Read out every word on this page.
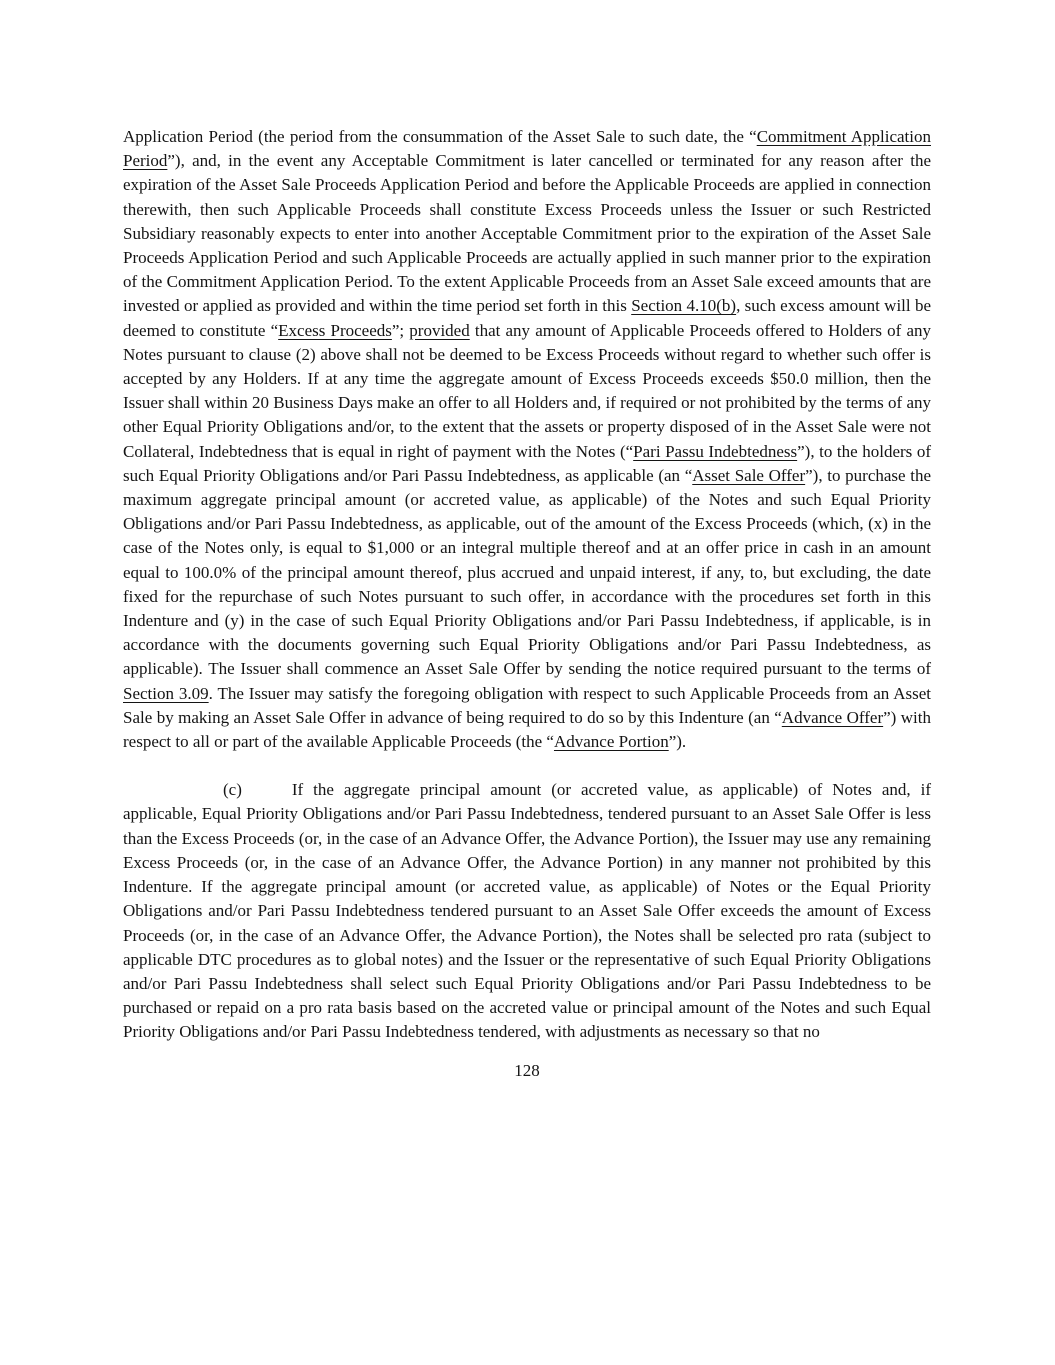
Application Period (the period from the consummation of the Asset Sale to such date, the “Commitment Application Period”), and, in the event any Acceptable Commitment is later cancelled or terminated for any reason after the expiration of the Asset Sale Proceeds Application Period and before the Applicable Proceeds are applied in connection therewith, then such Applicable Proceeds shall constitute Excess Proceeds unless the Issuer or such Restricted Subsidiary reasonably expects to enter into another Acceptable Commitment prior to the expiration of the Asset Sale Proceeds Application Period and such Applicable Proceeds are actually applied in such manner prior to the expiration of the Commitment Application Period. To the extent Applicable Proceeds from an Asset Sale exceed amounts that are invested or applied as provided and within the time period set forth in this Section 4.10(b), such excess amount will be deemed to constitute “Excess Proceeds”; provided that any amount of Applicable Proceeds offered to Holders of any Notes pursuant to clause (2) above shall not be deemed to be Excess Proceeds without regard to whether such offer is accepted by any Holders. If at any time the aggregate amount of Excess Proceeds exceeds $50.0 million, then the Issuer shall within 20 Business Days make an offer to all Holders and, if required or not prohibited by the terms of any other Equal Priority Obligations and/or, to the extent that the assets or property disposed of in the Asset Sale were not Collateral, Indebtedness that is equal in right of payment with the Notes (“Pari Passu Indebtedness”), to the holders of such Equal Priority Obligations and/or Pari Passu Indebtedness, as applicable (an “Asset Sale Offer”), to purchase the maximum aggregate principal amount (or accreted value, as applicable) of the Notes and such Equal Priority Obligations and/or Pari Passu Indebtedness, as applicable, out of the amount of the Excess Proceeds (which, (x) in the case of the Notes only, is equal to $1,000 or an integral multiple thereof and at an offer price in cash in an amount equal to 100.0% of the principal amount thereof, plus accrued and unpaid interest, if any, to, but excluding, the date fixed for the repurchase of such Notes pursuant to such offer, in accordance with the procedures set forth in this Indenture and (y) in the case of such Equal Priority Obligations and/or Pari Passu Indebtedness, if applicable, is in accordance with the documents governing such Equal Priority Obligations and/or Pari Passu Indebtedness, as applicable). The Issuer shall commence an Asset Sale Offer by sending the notice required pursuant to the terms of Section 3.09. The Issuer may satisfy the foregoing obligation with respect to such Applicable Proceeds from an Asset Sale by making an Asset Sale Offer in advance of being required to do so by this Indenture (an “Advance Offer”) with respect to all or part of the available Applicable Proceeds (the “Advance Portion”).

(c)	If the aggregate principal amount (or accreted value, as applicable) of Notes and, if applicable, Equal Priority Obligations and/or Pari Passu Indebtedness, tendered pursuant to an Asset Sale Offer is less than the Excess Proceeds (or, in the case of an Advance Offer, the Advance Portion), the Issuer may use any remaining Excess Proceeds (or, in the case of an Advance Offer, the Advance Portion) in any manner not prohibited by this Indenture. If the aggregate principal amount (or accreted value, as applicable) of Notes or the Equal Priority Obligations and/or Pari Passu Indebtedness tendered pursuant to an Asset Sale Offer exceeds the amount of Excess Proceeds (or, in the case of an Advance Offer, the Advance Portion), the Notes shall be selected pro rata (subject to applicable DTC procedures as to global notes) and the Issuer or the representative of such Equal Priority Obligations and/or Pari Passu Indebtedness shall select such Equal Priority Obligations and/or Pari Passu Indebtedness to be purchased or repaid on a pro rata basis based on the accreted value or principal amount of the Notes and such Equal Priority Obligations and/or Pari Passu Indebtedness tendered, with adjustments as necessary so that no

128
